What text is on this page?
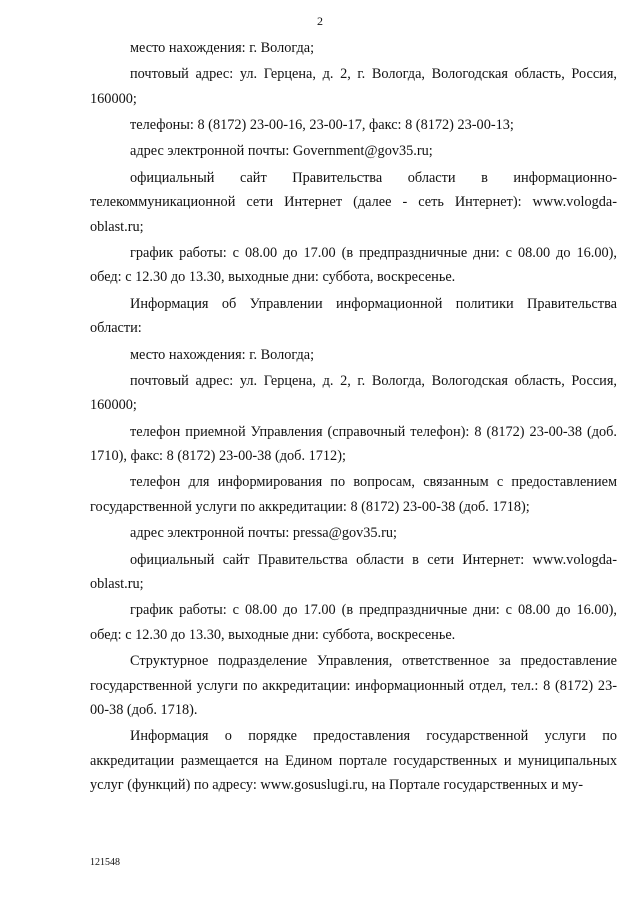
2

место нахождения: г. Вологда;

почтовый адрес: ул. Герцена, д. 2, г. Вологда, Вологодская область, Россия, 160000;

телефоны: 8 (8172) 23-00-16, 23-00-17, факс: 8 (8172) 23-00-13;

адрес электронной почты: Government@gov35.ru;

официальный сайт Правительства области в информационно-телекоммуникационной сети Интернет (далее - сеть Интернет): www.vologda-oblast.ru;

график работы: с 08.00 до 17.00 (в предпраздничные дни: с 08.00 до 16.00), обед: с 12.30 до 13.30, выходные дни: суббота, воскресенье.

Информация об Управлении информационной политики Правительства области:

место нахождения: г. Вологда;

почтовый адрес: ул. Герцена, д. 2, г. Вологда, Вологодская область, Россия, 160000;

телефон приемной Управления (справочный телефон): 8 (8172) 23-00-38 (доб. 1710), факс: 8 (8172) 23-00-38 (доб. 1712);

телефон для информирования по вопросам, связанным с предоставлением государственной услуги по аккредитации: 8 (8172) 23-00-38 (доб. 1718);

адрес электронной почты: pressa@gov35.ru;

официальный сайт Правительства области в сети Интернет: www.vologda-oblast.ru;

график работы: с 08.00 до 17.00 (в предпраздничные дни: с 08.00 до 16.00), обед: с 12.30 до 13.30, выходные дни: суббота, воскресенье.

Структурное подразделение Управления, ответственное за предоставление государственной услуги по аккредитации: информационный отдел, тел.: 8 (8172) 23-00-38 (доб. 1718).

Информация о порядке предоставления государственной услуги по аккредитации размещается на Едином портале государственных и муниципальных услуг (функций) по адресу: www.gosuslugi.ru, на Портале государственных и му-

121548
